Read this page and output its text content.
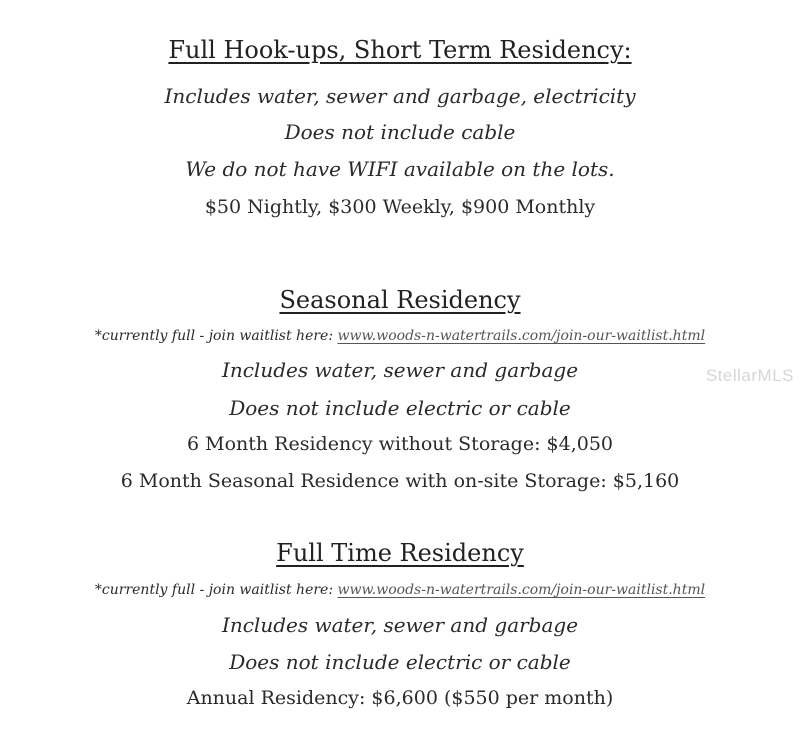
Full Hook-ups, Short Term Residency:
Includes water, sewer and garbage, electricity
Does not include cable
We do not have WIFI available on the lots.
$50 Nightly, $300 Weekly, $900 Monthly
Seasonal Residency
*currently full - join waitlist here: www.woods-n-watertrails.com/join-our-waitlist.html
Includes water, sewer and garbage
Does not include electric or cable
6 Month Residency without Storage: $4,050
6 Month Seasonal Residence with on-site Storage: $5,160
Full Time Residency
*currently full - join waitlist here: www.woods-n-watertrails.com/join-our-waitlist.html
Includes water, sewer and garbage
Does not include electric or cable
Annual Residency: $6,600 ($550 per month)
StellarMLS
